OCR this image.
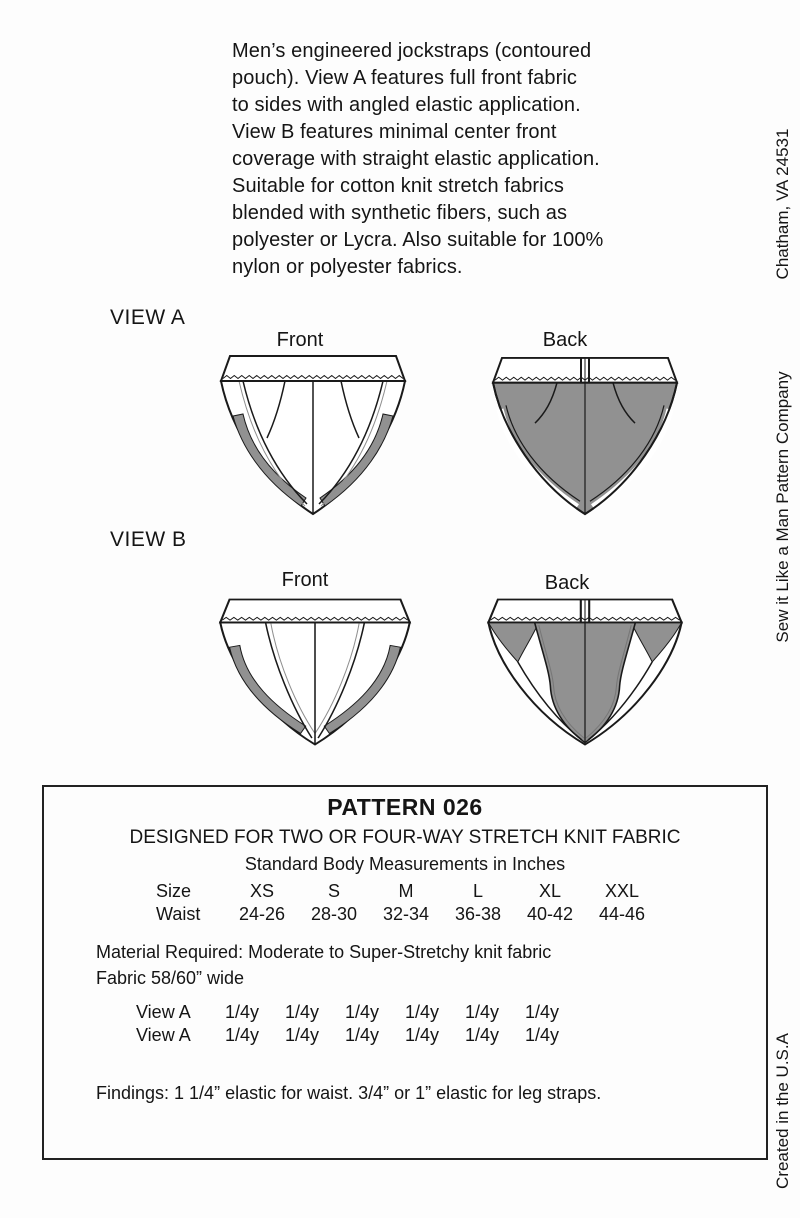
Men’s engineered jockstraps (contoured
pouch). View A features full front fabric
to sides with angled elastic application.
View B features minimal center front
coverage with straight elastic application.
Suitable for cotton knit stretch fabrics
blended with synthetic fibers, such as
polyester or Lycra. Also suitable for 100%
nylon or polyester fabrics.	Chatham, VA 24531
Sew it Like a Man Pattern Company
Created in the U.S.A
VIEW A
Front	Back
VIEW B
Front	Back
PATTERN 026
DESIGNED FOR TWO OR FOUR-WAY STRETCH KNIT FABRIC
Standard Body Measurements in Inches
Size	XS	S	M	L	XL	XXL
Waist	24-26	28-30	32-34	36-38	40-42	44-46
Material Required: Moderate to Super-Stretchy knit fabric
Fabric 58/60” wide
View A	1/4y	1/4y	1/4y	1/4y	1/4y	1/4y
View A	1/4y	1/4y	1/4y	1/4y	1/4y	1/4y
Findings: 1 1/4” elastic for waist. 3/4” or 1” elastic for leg straps.
